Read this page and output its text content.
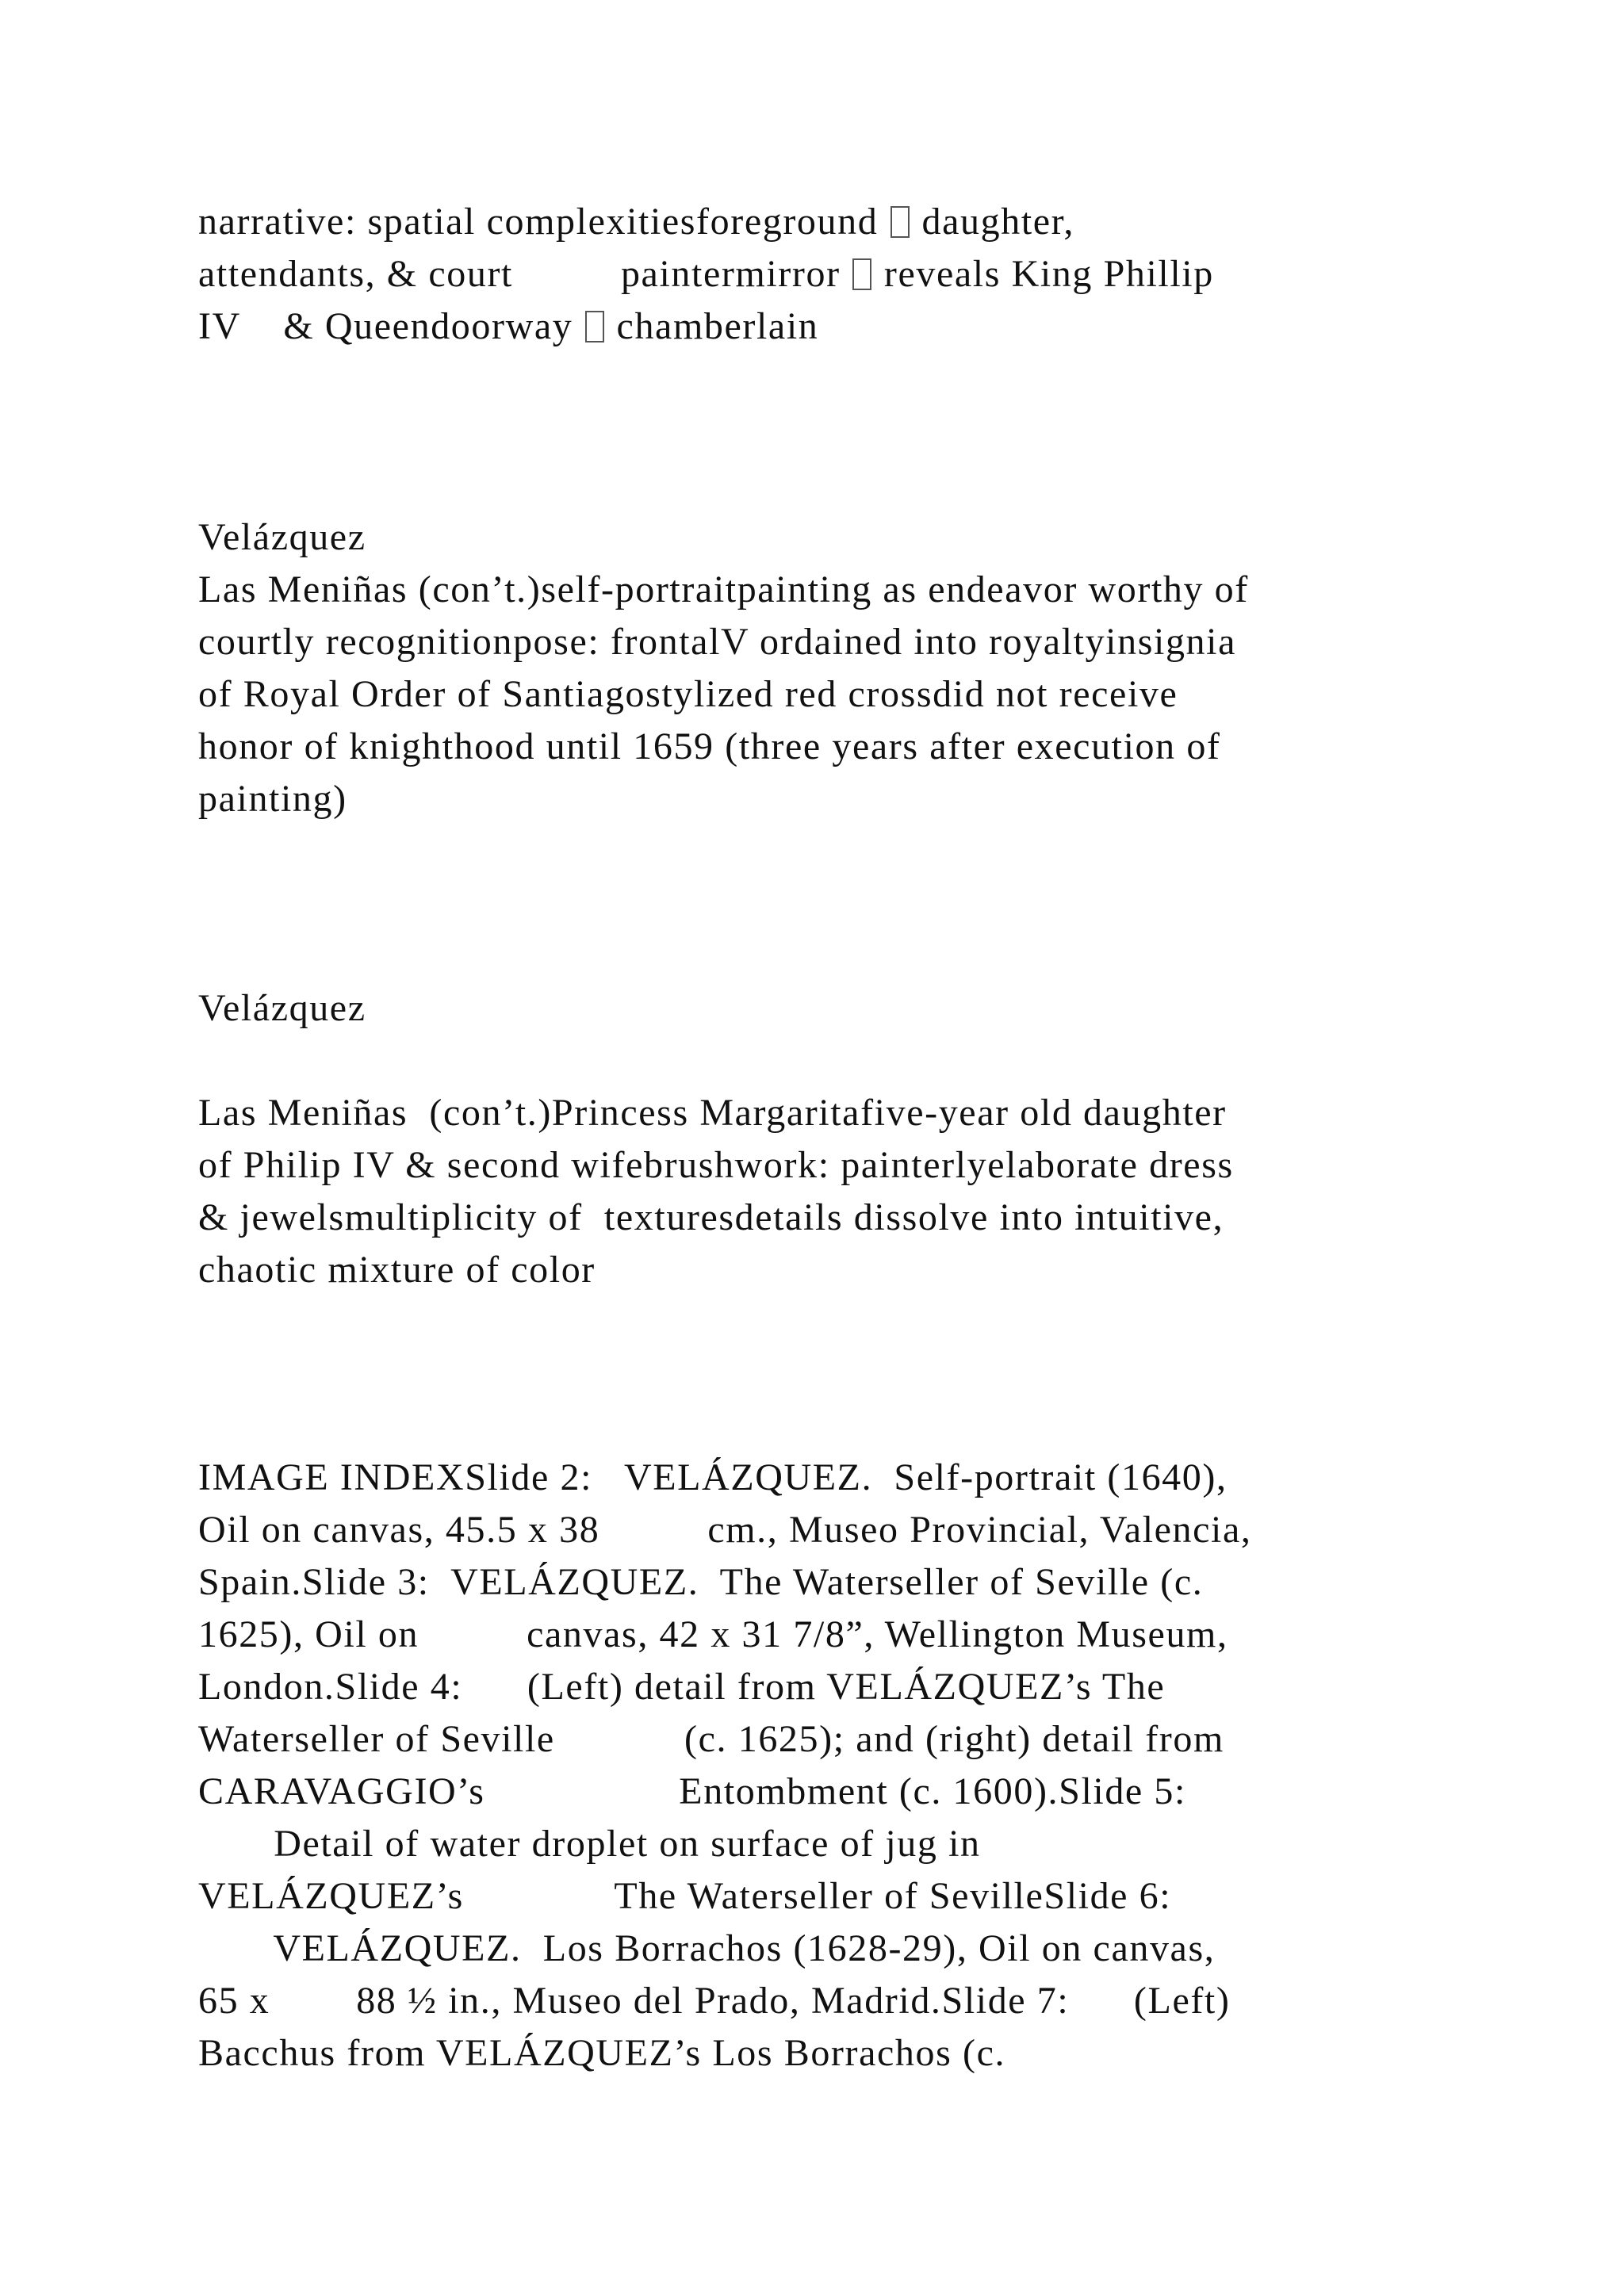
narrative: spatial complexitiesforeground  daughter,
attendants, & court          paintermirror  reveals King Phillip
IV    & Queendoorway  chamberlain
Velázquez
Las Meniñas (con’t.)self-portraitpainting as endeavor worthy of
courtly recognitionpose: frontalV ordained into royaltyinsignia
of Royal Order of Santiagostylized red crossdid not receive
honor of knighthood until 1659 (three years after execution of
painting)
Velázquez
Las Meniñas  (con’t.)Princess Margaritafive-year old daughter
of Philip IV & second wifebrushwork: painterlyelaborate dress
& jewelsmultiplicity of  texturesdetails dissolve into intuitive,
chaotic mixture of color
IMAGE INDEXSlide 2:   VELÁZQUEZ.  Self-portrait (1640),
Oil on canvas, 45.5 x 38          cm., Museo Provincial, Valencia,
Spain.Slide 3:  VELÁZQUEZ.  The Waterseller of Seville (c.
1625), Oil on          canvas, 42 x 31 7/8”, Wellington Museum,
London.Slide 4:      (Left) detail from VELÁZQUEZ’s The
Waterseller of Seville            (c. 1625); and (right) detail from
CARAVAGGIO’s                  Entombment (c. 1600).Slide 5:
Detail of water droplet on surface of jug in
VELÁZQUEZ’s              The Waterseller of SevilleSlide 6:
VELÁZQUEZ.  Los Borrachos (1628-29), Oil on canvas,
65 x        88 ½ in., Museo del Prado, Madrid.Slide 7:      (Left)
Bacchus from VELÁZQUEZ’s Los Borrachos (c.
